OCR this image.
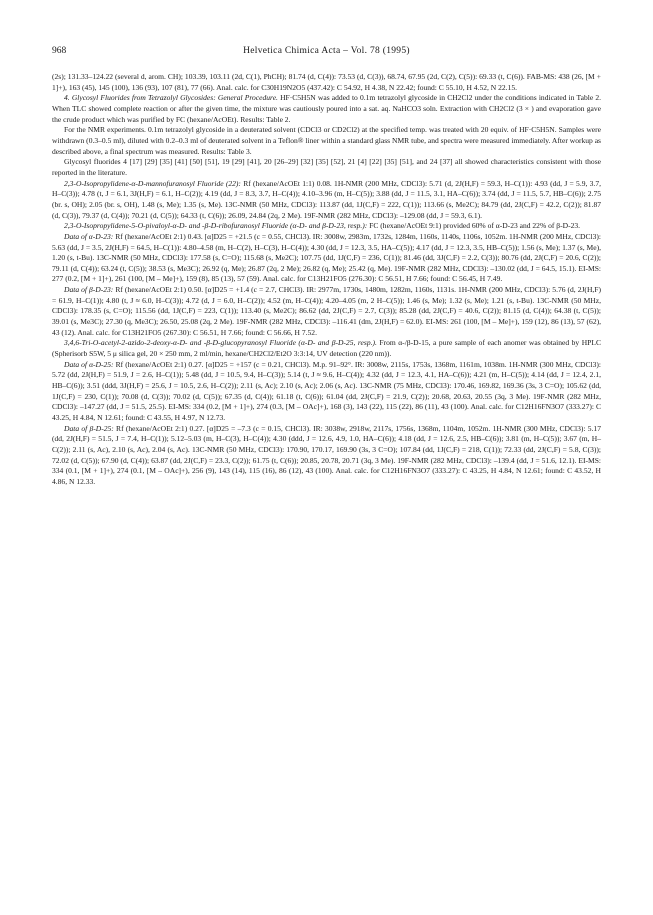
968	Helvetica Chimica Acta – Vol. 78 (1995)

(2s); 131.33–124.22 (several d, arom. CH); 103.39, 103.11 (2d, C(1), PhCH); 81.74 (d, C(4)): 73.53 (d, C(3)), 68.74, 67.95 (2d, C(2), C(5)): 69.33 (t, C(6)). FAB-MS: 438 (26, [M + 1]+), 163 (45), 145 (100), 136 (93), 107 (81), 77 (66). Anal. calc. for C30H19N2O5 (437.42): C 54.92, H 4.38, N 22.42; found: C 55.10, H 4.52, N 22.15.

4. Glycosyl Fluorides from Tetrazolyl Glycosides: General Procedure. HF·C5H5N was added to 0.1m tetrazolyl glycoside in CH2Cl2 under the conditions indicated in Table 2. When TLC showed complete reaction or after the given time, the mixture was cautiously poured into a sat. aq. NaHCO3 soln. Extraction with CH2Cl2 (3 × ) and evaporation gave the crude product which was purified by FC (hexane/AcOEt). Results: Table 2.

For the NMR experiments. 0.1m tetrazolyl glycoside in a deuterated solvent (CDCl3 or CD2Cl2) at the specified temp. was treated with 20 equiv. of HF·C5H5N. Samples were withdrawn (0.3–0.5 ml), diluted with 0.2–0.3 ml of deuterated solvent in a Teflon® liner within a standard glass NMR tube, and spectra were measured immediately. After workup as described above, a final spectrum was measured. Results: Table 3.

Glycosyl fluorides 4 [17] [29] [35] [41] [50] [51], 19 [29] [41], 20 [26–29] [32] [35] [52], 21 [4] [22] [35] [51], and 24 [37] all showed characteristics consistent with those reported in the literature.

2,3-O-Isopropylidene-α-D-mannofuranosyl Fluoride (22): Rf (hexane/AcOEt 1:1) 0.08. 1H-NMR (200 MHz, CDCl3): 5.71 (d, 2J(H,F) = 59.3, H–C(1)): 4.93 (dd, J = 5.9, 3.7, H–C(3)); 4.78 (t, J = 6.1, 3J(H,F) = 6.1, H–C(2)); 4.19 (dd, J = 8.3, 3.7, H–C(4)); 4.10–3.96 (m, H–C(5)); 3.88 (dd, J = 11.5, 3.1, HA–C(6)); 3.74 (dd, J = 11.5, 5.7, HB–C(6)); 2.75 (br. s, OH); 2.05 (br. s, OH), 1.48 (s, Me); 1.35 (s, Me). 13C-NMR (50 MHz, CDCl3): 113.87 (dd, 1J(C,F) = 222, C(1)); 113.66 (s, Me2C); 84.79 (dd, 2J(C,F) = 42.2, C(2)); 81.87 (d, C(3)), 79.37 (d, C(4)); 70.21 (d, C(5)); 64.33 (t, C(6)); 26.09, 24.84 (2q, 2 Me). 19F-NMR (282 MHz, CDCl3): –129.08 (dd, J = 59.3, 6.1).

2,3-O-Isopropylidene-5-O-pivaloyl-α-D- and -β-D-ribofuranosyl Fluoride (α-D- and β-D-23, resp.): FC (hexane/AcOEt 9:1) provided 60% of α-D-23 and 22% of β-D-23.

Data of α-D-23: Rf (hexane/AcOEt 2:1) 0.43. [α]D25 = +21.5 (c = 0.55, CHCl3). IR: 3008w, 2983m, 1732s, 1284m, 1160s, 1140s, 1106s, 1052m. 1H-NMR (200 MHz, CDCl3): 5.63 (dd, J = 3.5, 2J(H,F) = 64.5, H–C(1)): 4.80–4.58 (m, H–C(2), H–C(3), H–C(4)); 4.30 (dd, J = 12.3, 3.5, HA–C(5)); 4.17 (dd, J = 12.3, 3.5, HB–C(5)); 1.56 (s, Me); 1.37 (s, Me), 1.20 (s, t-Bu). 13C-NMR (50 MHz, CDCl3): 177.58 (s, C=O); 115.68 (s, Me2C); 107.75 (dd, 1J(C,F) = 236, C(1)); 81.46 (dd, 3J(C,F) = 2.2, C(3)); 80.76 (dd, 2J(C,F) = 20.6, C(2)); 79.11 (d, C(4)); 63.24 (t, C(5)); 38.53 (s, Me3C); 26.92 (q, Me); 26.87 (2q, 2 Me); 26.82 (q, Me); 25.42 (q, Me). 19F-NMR (282 MHz, CDCl3): –130.02 (dd, J = 64.5, 15.1). EI-MS: 277 (0.2, [M + 1]+), 261 (100, [M – Me]+), 159 (8), 85 (13), 57 (59). Anal. calc. for C13H21FO5 (276.30): C 56.51, H 7.66; found: C 56.45, H 7.49.

Data of β-D-23: Rf (hexane/AcOEt 2:1) 0.50. [α]D25 = +1.4 (c = 2.7, CHCl3). IR: 2977m, 1730s, 1480m, 1282m, 1160s, 1131s. 1H-NMR (200 MHz, CDCl3): 5.76 (d, 2J(H,F) = 61.9, H–C(1)); 4.80 (t, J ≈ 6.0, H–C(3)); 4.72 (d, J = 6.0, H–C(2)); 4.52 (m, H–C(4)); 4.20–4.05 (m, 2 H–C(5)); 1.46 (s, Me); 1.32 (s, Me); 1.21 (s, t-Bu). 13C-NMR (50 MHz, CDCl3): 178.35 (s, C=O); 115.56 (dd, 1J(C,F) = 223, C(1)); 113.40 (s, Me2C); 86.62 (dd, 2J(C,F) = 2.7, C(3)); 85.28 (dd, 2J(C,F) = 40.6, C(2)); 81.15 (d, C(4)); 64.38 (t, C(5)); 39.01 (s, Me3C); 27.30 (q, Me3C); 26.50, 25.08 (2q, 2 Me). 19F-NMR (282 MHz, CDCl3): –116.41 (dm, 2J(H,F) = 62.0). EI-MS: 261 (100, [M – Me]+), 159 (12), 86 (13), 57 (62), 43 (12). Anal. calc. for C13H21FO5 (267.30): C 56.51, H 7.66; found: C 56.66, H 7.52.

3,4,6-Tri-O-acetyl-2-azido-2-deoxy-α-D- and -β-D-glucopyranosyl Fluoride (α-D- and β-D-25, resp.). From α-/β-D-15, a pure sample of each anomer was obtained by HPLC (Spherisorb S5W, 5 μ silica gel, 20 × 250 mm, 2 ml/min, hexane/CH2Cl2/Et2O 3:3:14, UV detection (220 nm)).

Data of α-D-25: Rf (hexane/AcOEt 2:1) 0.27. [α]D25 = +157 (c = 0.21, CHCl3). M.p. 91–92°. IR: 3008w, 2115s, 1753s, 1368m, 1161m, 1038m. 1H-NMR (300 MHz, CDCl3): 5.72 (dd, 2J(H,F) = 51.9, J = 2.6, H–C(1)); 5.48 (dd, J = 10.5, 9.4, H–C(3)); 5.14 (t, J ≈ 9.6, H–C(4)); 4.32 (dd, J = 12.3, 4.1, HA–C(6)); 4.21 (m, H–C(5)); 4.14 (dd, J = 12.4, 2.1, HB–C(6)); 3.51 (ddd, 3J(H,F) = 25.6, J = 10.5, 2.6, H–C(2)); 2.11 (s, Ac); 2.10 (s, Ac); 2.06 (s, Ac). 13C-NMR (75 MHz, CDCl3): 170.46, 169.82, 169.36 (3s, 3 C=O); 105.62 (dd, 1J(C,F) = 230, C(1)); 70.08 (d, C(3)); 70.02 (d, C(5)); 67.35 (d, C(4)); 61.18 (t, C(6)); 61.04 (dd, 2J(C,F) = 21.9, C(2)); 20.68, 20.63, 20.55 (3q, 3 Me). 19F-NMR (282 MHz, CDCl3): –147.27 (dd, J = 51.5, 25.5). EI-MS: 334 (0.2, [M + 1]+), 274 (0.3, [M – OAc]+), 168 (3), 143 (22), 115 (22), 86 (11), 43 (100). Anal. calc. for C12H16FN3O7 (333.27): C 43.25, H 4.84, N 12.61; found: C 43.55, H 4.97, N 12.73.

Data of β-D-25: Rf (hexane/AcOEt 2:1) 0.27. [α]D25 = –7.3 (c = 0.15, CHCl3). IR: 3038w, 2918w, 2117s, 1756s, 1368m, 1104m, 1052m. 1H-NMR (300 MHz, CDCl3): 5.17 (dd, 2J(H,F) = 51.5, J = 7.4, H–C(1)); 5.12–5.03 (m, H–C(3), H–C(4)); 4.30 (ddd, J = 12.6, 4.9, 1.0, HA–C(6)); 4.18 (dd, J = 12.6, 2.5, HB–C(6)); 3.81 (m, H–C(5)); 3.67 (m, H–C(2)); 2.11 (s, Ac), 2.10 (s, Ac), 2.04 (s, Ac). 13C-NMR (50 MHz, CDCl3): 170.90, 170.17, 169.90 (3s, 3 C=O); 107.84 (dd, 1J(C,F) = 218, C(1)); 72.33 (dd, 2J(C,F) = 5.8, C(3)); 72.02 (d, C(5)); 67.90 (d, C(4)); 63.87 (dd, 2J(C,F) = 23.3, C(2)); 61.75 (t, C(6)); 20.85, 20.78, 20.71 (3q, 3 Me). 19F-NMR (282 MHz, CDCl3): –139.4 (dd, J = 51.6, 12.1). EI-MS: 334 (0.1, [M + 1]+), 274 (0.1, [M – OAc]+), 256 (9), 143 (14), 115 (16), 86 (12), 43 (100). Anal. calc. for C12H16FN3O7 (333.27): C 43.25, H 4.84, N 12.61; found: C 43.52, H 4.86, N 12.33.
